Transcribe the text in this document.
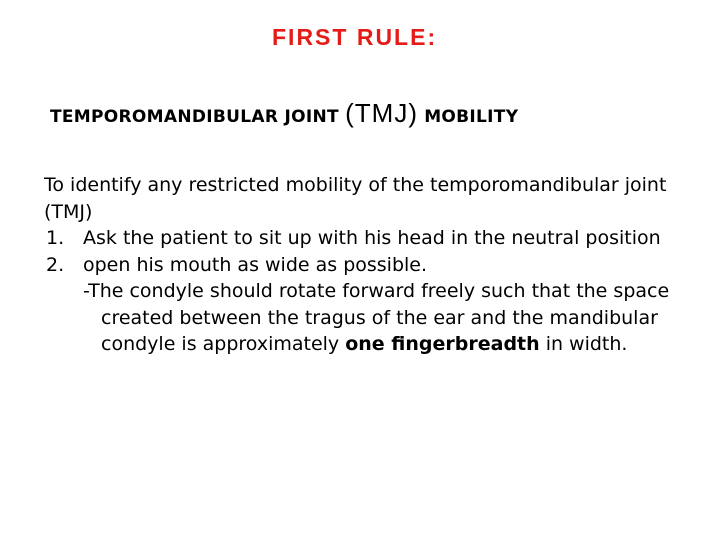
FIRST RULE:
TEMPOROMANDIBULAR JOINT (TMJ) MOBILITY

To identify any restricted mobility of the temporomandibular joint (TMJ)

1. Ask the patient to sit up with his head in the neutral position
2. open his mouth as wide as possible.
-The condyle should rotate forward freely such that the space created between the tragus of the ear and the mandibular condyle is approximately one fingerbreadth in width.
